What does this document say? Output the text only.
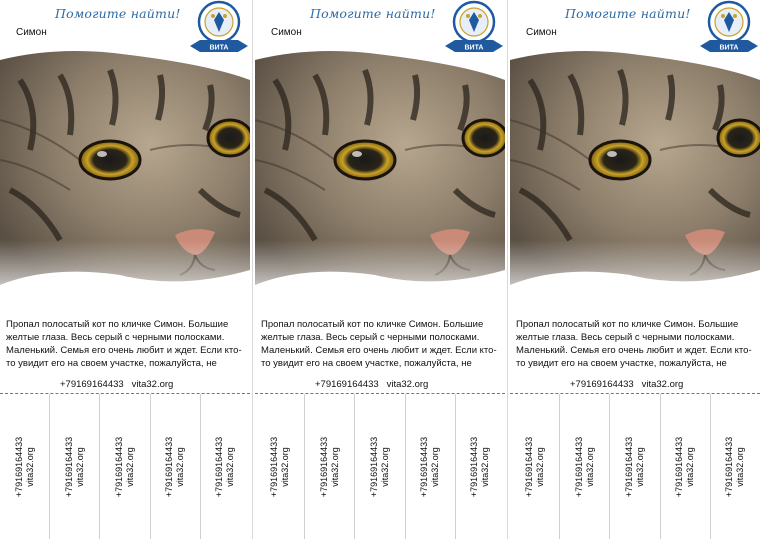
Помогите найти!
Симон
ВИТА
Пропал полосатый кот по кличке Симон. Большие желтые глаза. Весь серый с черными полосками. Маленький. Семья его очень любит и ждет. Если кто-то увидит его на своем участке, пожалуйста, не
+79169164433 vita32.org
+79169164433 vita32.org	+79169164433 vita32.org	+79169164433 vita32.org	+79169164433 vita32.org	+79169164433 vita32.org
Помогите найти!
Симон
ВИТА
Пропал полосатый кот по кличке Симон. Большие желтые глаза. Весь серый с черными полосками. Маленький. Семья его очень любит и ждет. Если кто-то увидит его на своем участке, пожалуйста, не
+79169164433 vita32.org
+79169164433 vita32.org	+79169164433 vita32.org	+79169164433 vita32.org	+79169164433 vita32.org	+79169164433 vita32.org
Помогите найти!
Симон
ВИТА
Пропал полосатый кот по кличке Симон. Большие желтые глаза. Весь серый с черными полосками. Маленький. Семья его очень любит и ждет. Если кто-то увидит его на своем участке, пожалуйста, не
+79169164433 vita32.org
+79169164433 vita32.org	+79169164433 vita32.org	+79169164433 vita32.org	+79169164433 vita32.org	+79169164433 vita32.org
